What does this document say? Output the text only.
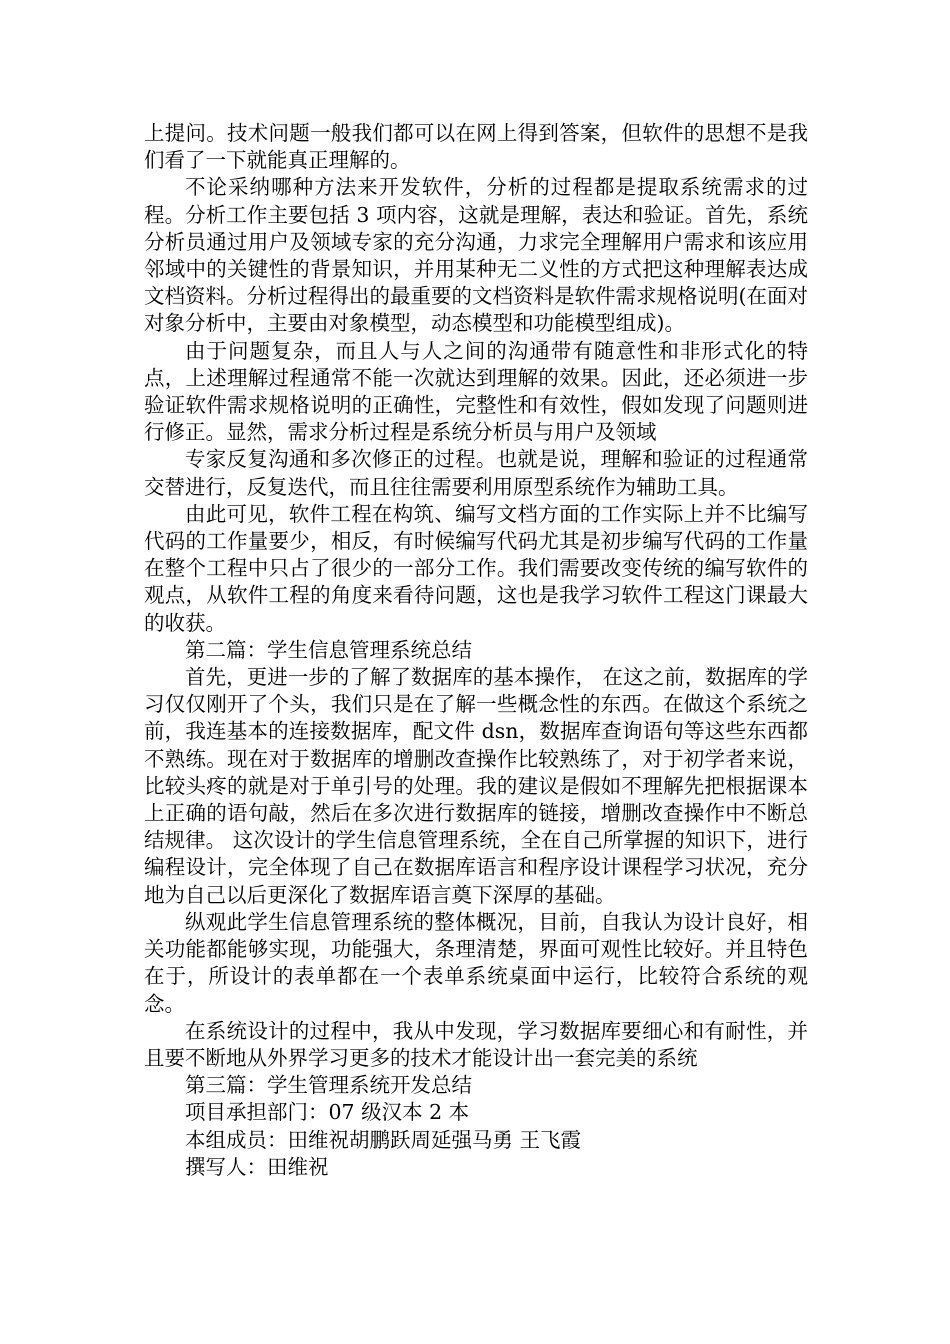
上提问。技术问题一般我们都可以在网上得到答案，但软件的思想不是我们看了一下就能真正理解的。

不论采纳哪种方法来开发软件，分析的过程都是提取系统需求的过程。分析工作主要包括 3 项内容，这就是理解，表达和验证。首先，系统分析员通过用户及领域专家的充分沟通，力求完全理解用户需求和该应用邻域中的关键性的背景知识，并用某种无二义性的方式把这种理解表达成文档资料。分析过程得出的最重要的文档资料是软件需求规格说明(在面对对象分析中，主要由对象模型，动态模型和功能模型组成)。

由于问题复杂，而且人与人之间的沟通带有随意性和非形式化的特点，上述理解过程通常不能一次就达到理解的效果。因此，还必须进一步验证软件需求规格说明的正确性，完整性和有效性，假如发现了问题则进行修正。显然，需求分析过程是系统分析员与用户及领域

专家反复沟通和多次修正的过程。也就是说，理解和验证的过程通常交替进行，反复迭代，而且往往需要利用原型系统作为辅助工具。

由此可见，软件工程在构筑、编写文档方面的工作实际上并不比编写代码的工作量要少，相反，有时候编写代码尤其是初步编写代码的工作量在整个工程中只占了很少的一部分工作。我们需要改变传统的编写软件的观点，从软件工程的角度来看待问题，这也是我学习软件工程这门课最大的收获。

第二篇：学生信息管理系统总结

首先，更进一步的了解了数据库的基本操作， 在这之前，数据库的学习仅仅刚开了个头，我们只是在了解一些概念性的东西。在做这个系统之前，我连基本的连接数据库，配文件 dsn，数据库查询语句等这些东西都不熟练。现在对于数据库的增删改查操作比较熟练了，对于初学者来说，比较头疼的就是对于单引号的处理。我的建议是假如不理解先把根据课本上正确的语句敲，然后在多次进行数据库的链接，增删改查操作中不断总结规律。 这次设计的学生信息管理系统，全在自己所掌握的知识下，进行编程设计，完全体现了自己在数据库语言和程序设计课程学习状况，充分地为自己以后更深化了数据库语言奠下深厚的基础。

纵观此学生信息管理系统的整体概况，目前，自我认为设计良好，相关功能都能够实现，功能强大，条理清楚，界面可观性比较好。并且特色在于，所设计的表单都在一个表单系统桌面中运行，比较符合系统的观念。

在系统设计的过程中，我从中发现，学习数据库要细心和有耐性，并且要不断地从外界学习更多的技术才能设计出一套完美的系统

第三篇：学生管理系统开发总结

项目承担部门：07 级汉本 2 本

本组成员：田维祝胡鹏跃周延强马勇 王飞霞

撰写人：田维祝
